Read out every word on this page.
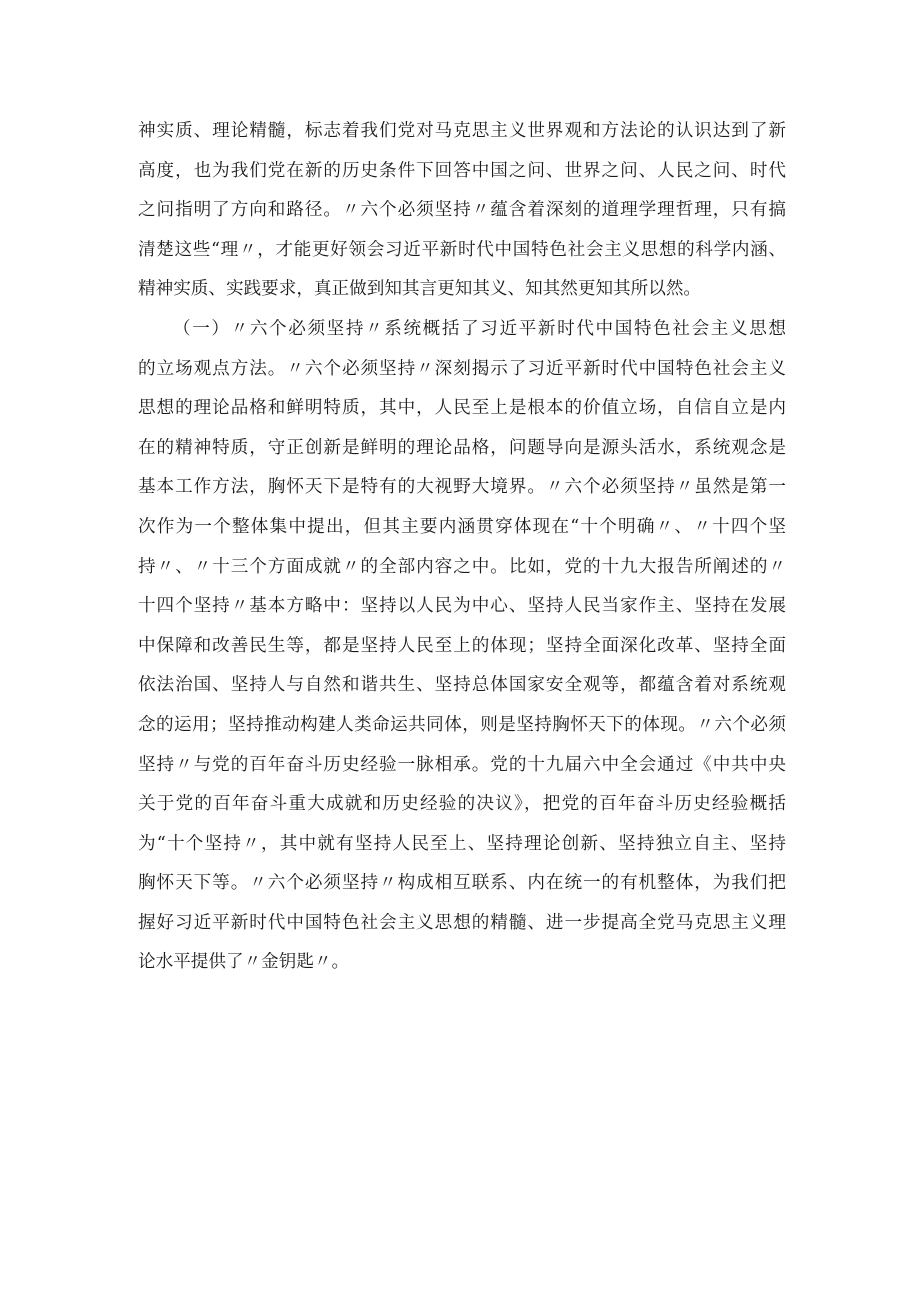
神实质、理论精髓，标志着我们党对马克思主义世界观和方法论的认识达到了新
高度，也为我们党在新的历史条件下回答中国之问、世界之问、人民之问、时代
之问指明了方向和路径。〃六个必须坚持〃蕴含着深刻的道理学理哲理，只有搞
清楚这些“理〃，才能更好领会习近平新时代中国特色社会主义思想的科学内涵、
精神实质、实践要求，真正做到知其言更知其义、知其然更知其所以然。
（一）〃六个必须坚持〃系统概括了习近平新时代中国特色社会主义思想
的立场观点方法。〃六个必须坚持〃深刻揭示了习近平新时代中国特色社会主义
思想的理论品格和鲜明特质，其中，人民至上是根本的价值立场，自信自立是内
在的精神特质，守正创新是鲜明的理论品格，问题导向是源头活水，系统观念是
基本工作方法，胸怀天下是特有的大视野大境界。〃六个必须坚持〃虽然是第一
次作为一个整体集中提出，但其主要内涵贯穿体现在“十个明确〃、〃十四个坚
持〃、〃十三个方面成就〃的全部内容之中。比如，党的十九大报告所阐述的〃
十四个坚持〃基本方略中：坚持以人民为中心、坚持人民当家作主、坚持在发展
中保障和改善民生等，都是坚持人民至上的体现；坚持全面深化改革、坚持全面
依法治国、坚持人与自然和谐共生、坚持总体国家安全观等，都蕴含着对系统观
念的运用；坚持推动构建人类命运共同体，则是坚持胸怀天下的体现。〃六个必须
坚持〃与党的百年奋斗历史经验一脉相承。党的十九届六中全会通过《中共中央
关于党的百年奋斗重大成就和历史经验的决议》，把党的百年奋斗历史经验概括
为“十个坚持〃，其中就有坚持人民至上、坚持理论创新、坚持独立自主、坚持
胸怀天下等。〃六个必须坚持〃构成相互联系、内在统一的有机整体，为我们把
握好习近平新时代中国特色社会主义思想的精髓、进一步提高全党马克思主义理
论水平提供了〃金钥匙〃。
